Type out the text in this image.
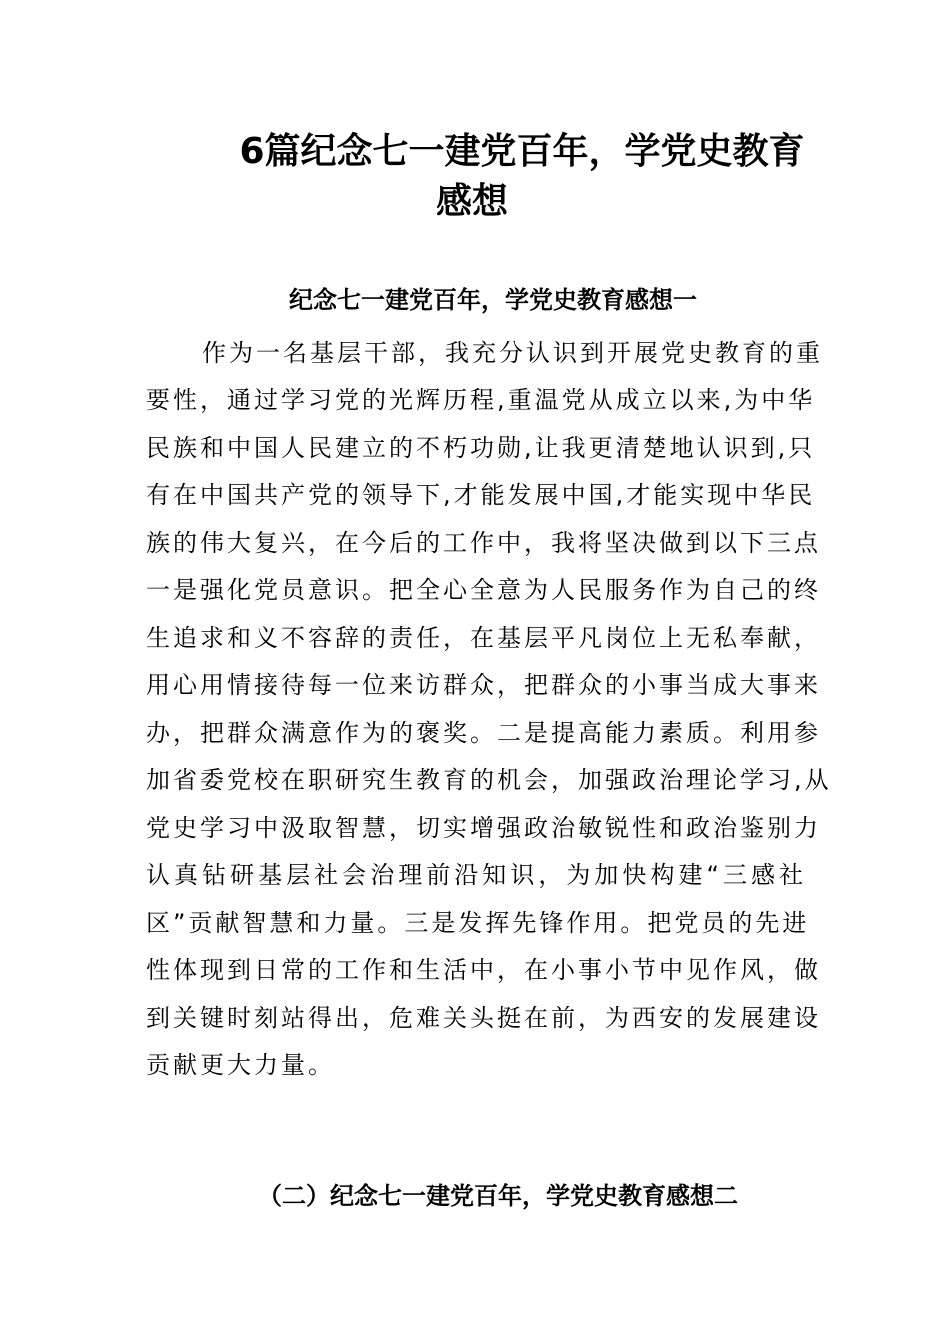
6篇纪念七一建党百年，学党史教育
感想
纪念七一建党百年，学党史教育感想一
作为一名基层干部，我充分认识到开展党史教育的重
要性，通过学习党的光辉历程,重温党从成立以来,为中华
民族和中国人民建立的不朽功勋,让我更清楚地认识到,只
有在中国共产党的领导下,才能发展中国,才能实现中华民
族的伟大复兴，在今后的工作中，我将坚决做到以下三点
一是强化党员意识。把全心全意为人民服务作为自己的终
生追求和义不容辞的责任，在基层平凡岗位上无私奉献，
用心用情接待每一位来访群众，把群众的小事当成大事来
办，把群众满意作为的褒奖。二是提高能力素质。利用参
加省委党校在职研究生教育的机会，加强政治理论学习,从
党史学习中汲取智慧，切实增强政治敏锐性和政治鉴别力
认真钻研基层社会治理前沿知识，为加快构建“三感社
区”贡献智慧和力量。三是发挥先锋作用。把党员的先进
性体现到日常的工作和生活中，在小事小节中见作风，做
到关键时刻站得出，危难关头挺在前，为西安的发展建设
贡献更大力量。
（二）纪念七一建党百年，学党史教育感想二
